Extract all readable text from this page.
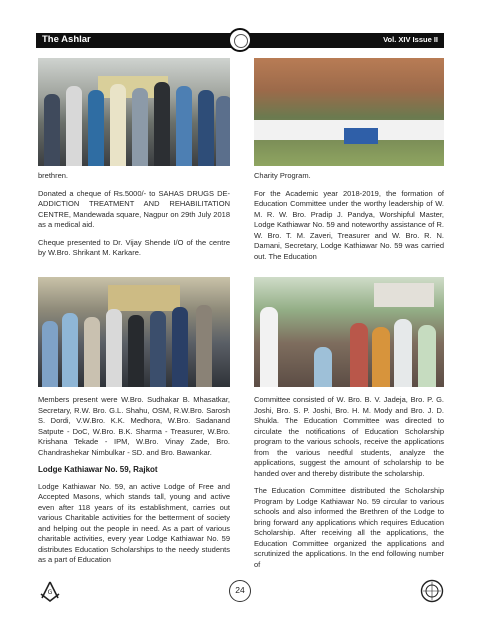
The Ashlar	Vol. XIV Issue II

brethren.

Donated a cheque of Rs.5000/- to SAHAS DRUGS DE-ADDICTION TREATMENT AND REHABILITATION CENTRE, Mandewada square, Nagpur on 29th July 2018 as a medical aid.

Cheque presented to Dr. Vijay Shende I/O of the centre by W.Bro. Shrikant M. Karkare.

Charity Program.

For the Academic year 2018-2019, the formation of Education Committee under the worthy leadership of W. M. R. W. Bro. Pradip J. Pandya, Worshipful Master, Lodge Kathiawar No. 59 and noteworthy assistance of R. W. Bro. T. M. Zaveri, Treasurer and W. Bro. R. N. Damani, Secretary, Lodge Kathiawar No. 59 was carried out. The Education

Members present were W.Bro. Sudhakar B. Mhasatkar, Secretary, R.W. Bro. G.L. Shahu, OSM, R.W.Bro. Sarosh S. Dordi, V.W.Bro. K.K. Medhora, W.Bro. Sadanand Satpute - DoC, W.Bro. B.K. Sharma - Treasurer, W.Bro. Krishana Tekade - IPM, W.Bro. Vinay Zade, Bro. Chandrashekar Nimbulkar - SD. and Bro. Bawankar.

Lodge Kathiawar No. 59, Rajkot

Lodge Kathiawar No. 59, an active Lodge of Free and Accepted Masons, which stands tall, young and active even after 118 years of its establishment, carries out various Charitable activities for the betterment of society and helping out the people in need. As a part of various charitable activities, every year Lodge Kathiawar No. 59 distributes Education Scholarships to the needy students as a part of Education

Committee consisted of W. Bro. B. V. Jadeja, Bro. P. G. Joshi, Bro. S. P. Joshi, Bro. H. M. Mody and Bro. J. D. Shukla. The Education Committee was directed to circulate the notifications of Education Scholarship program to the various schools, receive the applications from the various needful students, analyze the applications, suggest the amount of scholarship to be handed over and thereby distribute the scholarship.

The Education Committee distributed the Scholarship Program by Lodge Kathiawar No. 59 circular to various schools and also informed the Brethren of the Lodge to bring forward any applications which requires Education Scholarship. After receiving all the applications, the Education Committee organized the applications and scrutinized the applications. In the end following number of

G	24
